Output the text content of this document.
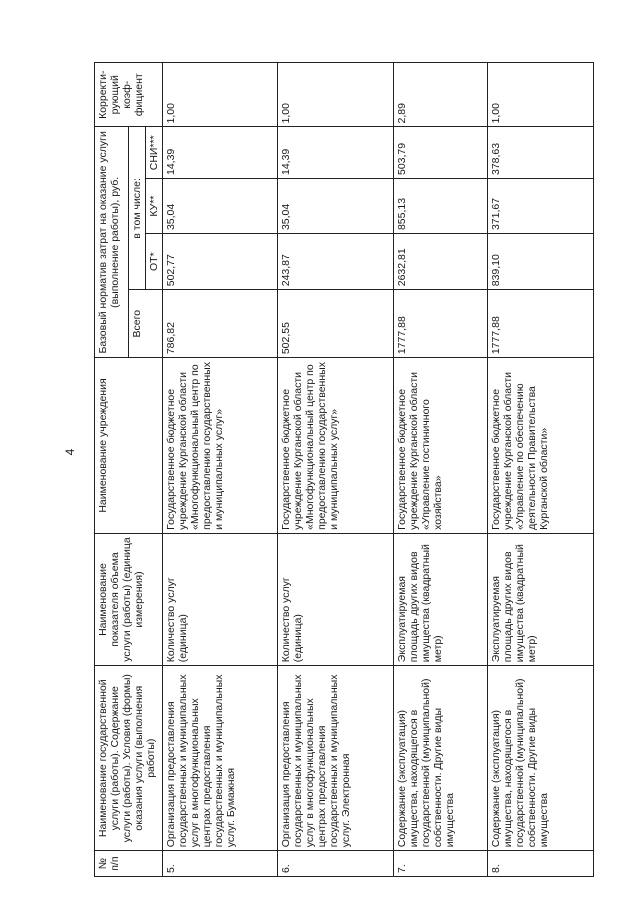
4
№ п/п	Наименование государственной услуги (работы). Содержание услуги (работы). Условия (формы) оказания услуги (выполнения работы)	Наименование показателя объема услуги (работы) (единица измерения)	Наименование учреждения	Базовый норматив затрат на оказание услуги (выполнение работы), руб.				Корректи-рующий коэф-фициент
				Всего	в том числе:			
					ОТ*	КУ**	СНИ***	
5.	Организация предоставления государственных и муниципальных услуг в многофункциональных центрах предоставления государственных и муниципальных услуг. Бумажная	Количество услуг (единица)	Государственное бюджетное учреждение Курганской области «Многофункциональный центр по предоставлению государственных и муниципальных услуг»	786,82	502,77	35,04	14,39	1,00
6.	Организация предоставления государственных и муниципальных услуг в многофункциональных центрах предоставления государственных и муниципальных услуг. Электронная	Количество услуг (единица)	Государственное бюджетное учреждение Курганской области «Многофункциональный центр по предоставлению государственных и муниципальных услуг»	502,55	243,87	35,04	14,39	1,00
7.	Содержание (эксплуатация) имущества, находящегося в государственной (муниципальной) собственности. Другие виды имущества	Эксплуатируемая площадь других видов имущества (квадратный метр)	Государственное бюджетное учреждение Курганской области «Управление гостиничного хозяйства»	1777,88	2632,81	855,13	503,79	2,89
8.	Содержание (эксплуатация) имущества, находящегося в государственной (муниципальной) собственности. Другие виды имущества	Эксплуатируемая площадь других видов имущества (квадратный метр)	Государственное бюджетное учреждение Курганской области «Управление по обеспечению деятельности Правительства Курганской области»	1777,88	839,10	371,67	378,63	1,00
